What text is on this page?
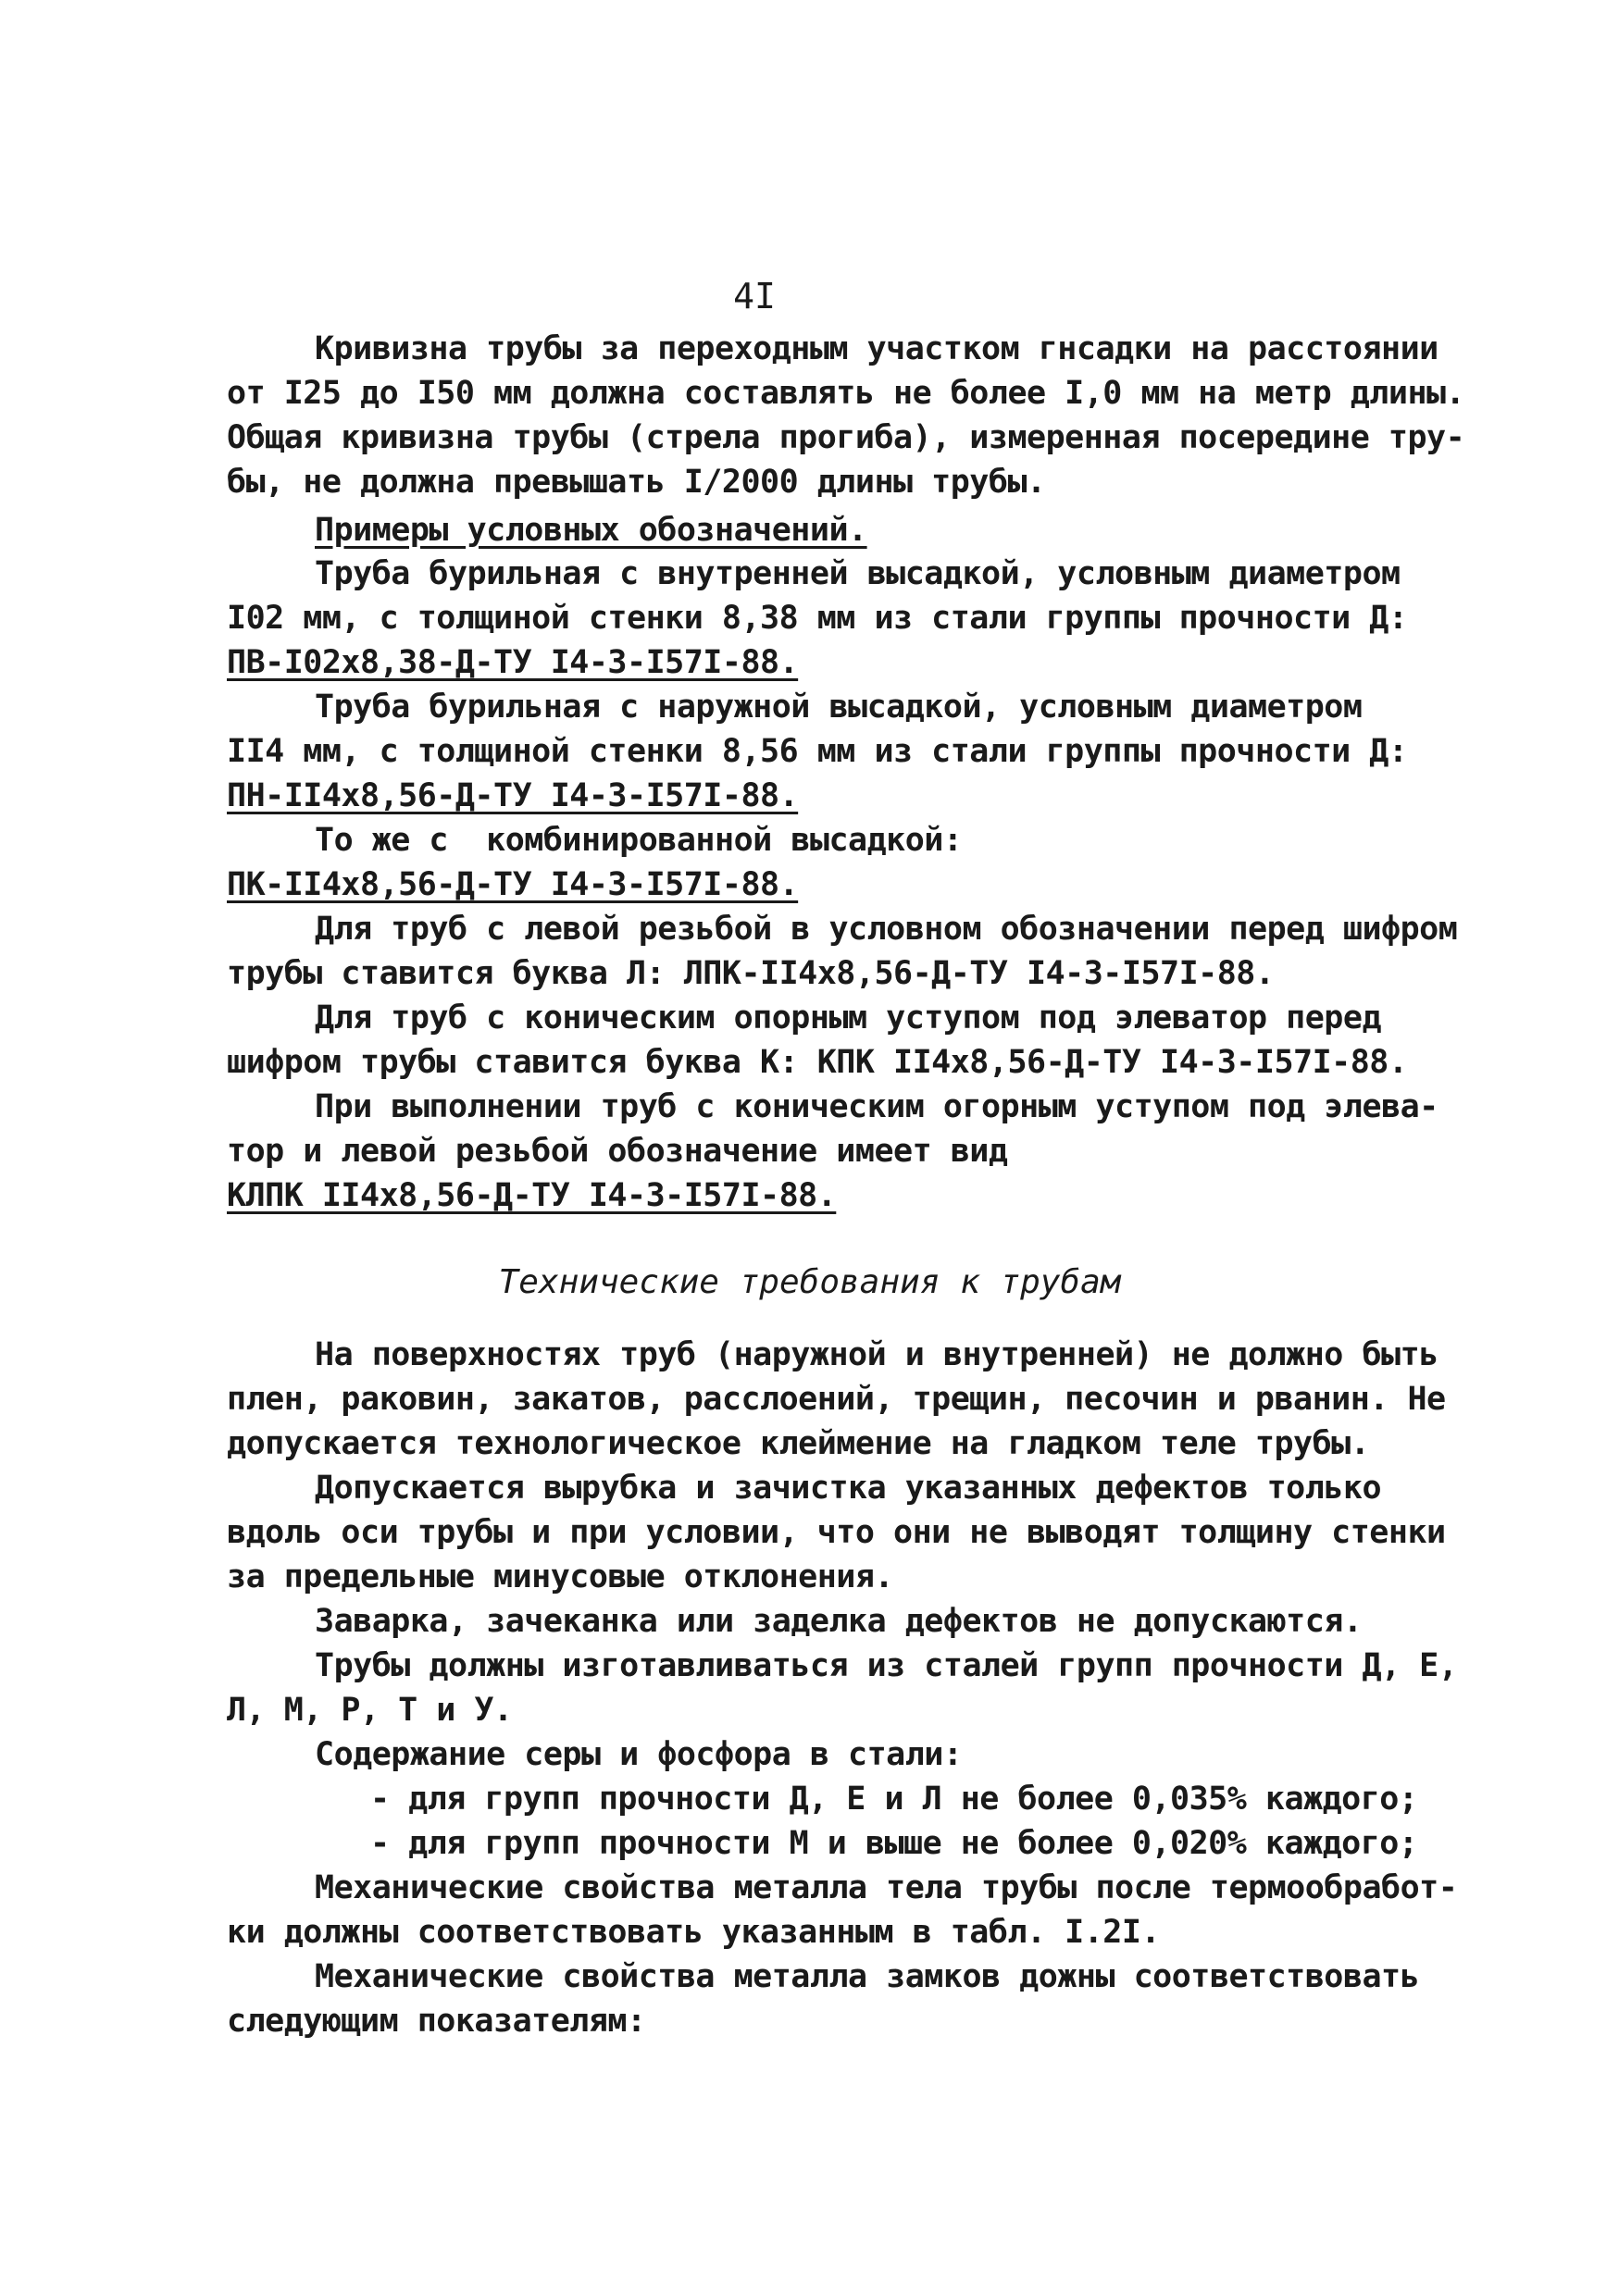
4I
Кривизна трубы за переходным участком гнсадки на расстоянии
от I25 до I50 мм должна составлять не более I,0 мм на метр длины.
Общая кривизна трубы (стрела прогиба), измеренная посередине тру-
бы, не должна превышать I/2000 длины трубы.
Примеры условных обозначений.
Труба бурильная с внутренней высадкой, условным диаметром
I02 мм, с толщиной стенки 8,38 мм из стали группы прочности Д:
ПВ-I02x8,38-Д-ТУ I4-3-I57I-88.
Труба бурильная с наружной высадкой, условным диаметром
II4 мм, с толщиной стенки 8,56 мм из стали группы прочности Д:
ПН-II4x8,56-Д-ТУ I4-3-I57I-88.
То же с  комбинированной высадкой:
ПК-II4x8,56-Д-ТУ I4-3-I57I-88.
Для труб с левой резьбой в условном обозначении перед шифром
трубы ставится буква Л: ЛПК-II4x8,56-Д-ТУ I4-3-I57I-88.
Для труб с коническим опорным уступом под элеватор перед
шифром трубы ставится буква К: КПК II4x8,56-Д-ТУ I4-3-I57I-88.
При выполнении труб с коническим огорным уступом под элева-
тор и левой резьбой обозначение имеет вид
КЛПК II4x8,56-Д-ТУ I4-3-I57I-88.
На поверхностях труб (наружной и внутренней) не должно быть
плен, раковин, закатов, расслоений, трещин, песочин и рванин. Не
допускается технологическое клеймение на гладком теле трубы.
Допускается вырубка и зачистка указанных дефектов только
вдоль оси трубы и при условии, что они не выводят толщину стенки
за предельные минусовые отклонения.
Заварка, зачеканка или заделка дефектов не допускаются.
Трубы должны изготавливаться из сталей групп прочности Д, Е,
Л, М, Р, Т и У.
Содержание серы и фосфора в стали:
- для групп прочности Д, Е и Л не более 0,035% каждого;
- для групп прочности М и выше не более 0,020% каждого;
Механические свойства металла тела трубы после термообработ-
ки должны соответствовать указанным в табл. I.2I.
Механические свойства металла замков дожны соответствовать
следующим показателям:
Технические требования к трубам
